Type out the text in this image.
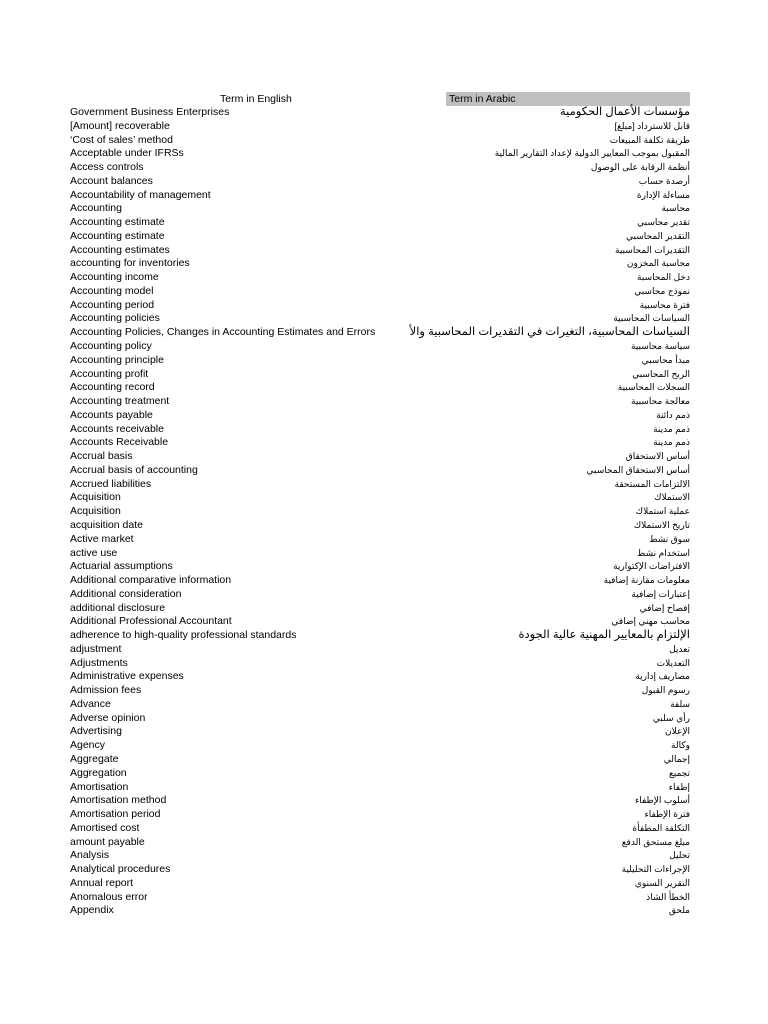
Term in English	Term in Arabic
Government Business Enterprises	مؤسسات الأعمال الحكومية
[Amount] recoverable	قابل للاسترداد [مبلغ]
‘Cost of sales’ method	طريقة تكلفة المبيعات
Acceptable under IFRSs	المقبول بموجب المعايير الدولية لإعداد التقارير المالية
Access controls	أنظمة الرقابة على الوصول
Account balances	أرصدة حساب
Accountability of management	مساءلة الإدارة
Accounting	محاسبة
Accounting estimate	تقدير محاسبي
Accounting estimate	التقدير المحاسبي
Accounting estimates	التقديرات المحاسبية
accounting for inventories	محاسبة المخزون
Accounting income	دخل المحاسبة
Accounting model	نموذج محاسبي
Accounting period	فترة محاسبية
Accounting policies	السياسات المحاسبية
Accounting Policies, Changes in Accounting Estimates and Errors	السياسات المحاسبية، التغيرات في التقديرات المحاسبية والأ
Accounting policy	سياسة محاسبية
Accounting principle	مبدأ محاسبي
Accounting profit	الربح المحاسبي
Accounting record	السجلات المحاسبية
Accounting treatment	معالجة محاسبية
Accounts payable	ذمم دائنة
Accounts receivable	ذمم مدينة
Accounts Receivable	ذمم مدينة
Accrual basis	أساس الاستحقاق
Accrual basis of accounting	أساس الاستحقاق المحاسبي
Accrued liabilities	الالتزامات المستحقة
Acquisition	الاستملاك
Acquisition	عملية استملاك
acquisition date	تاريخ الاستملاك
Active market	سوق نشط
active use	استخدام نشط
Actuarial assumptions	الافتراضات الإكتوارية
Additional comparative information	معلومات مقارنة إضافية
Additional consideration	إعتبارات إضافية
additional disclosure	إفصاح إضافي
Additional Professional Accountant	محاسب مهني إضافي
adherence to high-quality professional standards	الإلتزام بالمعايير المهنية عالية الجودة
adjustment	تعديل
Adjustments	التعديلات
Administrative expenses	مصاريف إدارية
Admission fees	رسوم القبول
Advance	سلفة
Adverse opinion	رأي سلبي
Advertising	الإعلان
Agency	وكالة
Aggregate	إجمالي
Aggregation	تجميع
Amortisation	إطفاء
Amortisation method	أسلوب الإطفاء
Amortisation period	فترة الإطفاء
Amortised cost	التكلفة المطفأة
amount payable	مبلغ مستحق الدفع
Analysis	تحليل
Analytical procedures	الإجراءات التحليلية
Annual report	التقرير السنوي
Anomalous error	الخطأ الشاذ
Appendix	ملحق
